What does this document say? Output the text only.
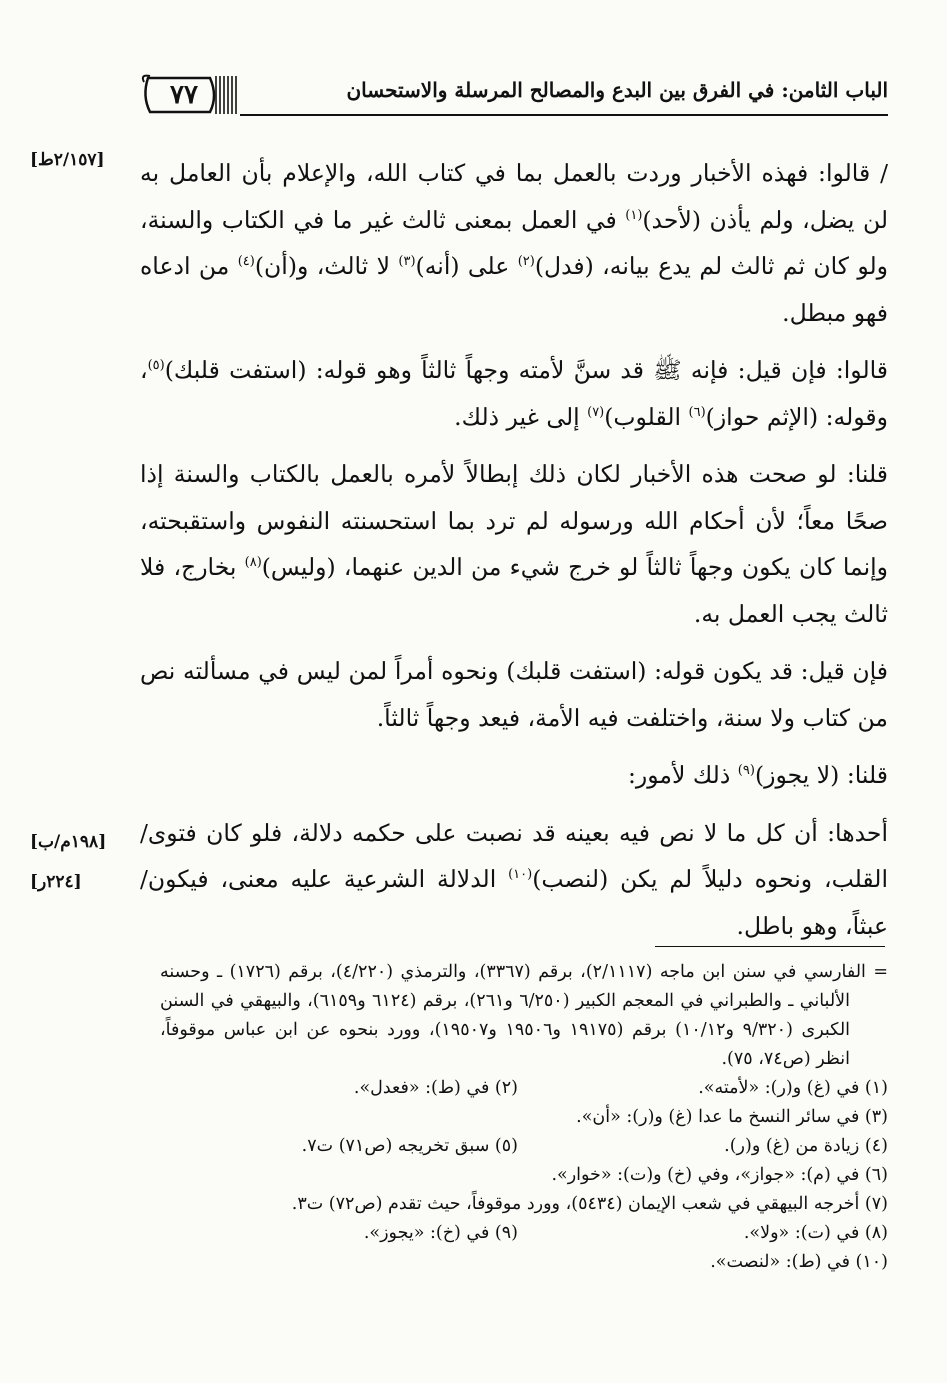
٧٧	الباب الثامن: في الفرق بين البدع والمصالح المرسلة والاستحسان
[٢/١٥٧ط]
[١٩٨م/ب]
[٢٢٤ر]

/ قالوا: فهذه الأخبار وردت بالعمل بما في كتاب الله، والإعلام بأن العامل به لن يضل، ولم يأذن (لأحد)$^{(١)}$ في العمل بمعنى ثالث غير ما في الكتاب والسنة، ولو كان ثم ثالث لم يدع بيانه، (فدل)$^{(٢)}$ على (أنه)$^{(٣)}$ لا ثالث، و(أن)$^{(٤)}$ من ادعاه فهو مبطل.

قالوا: فإن قيل: فإنه ﷺ قد سنَّ لأمته وجهاً ثالثاً وهو قوله: (استفت قلبك)$^{(٥)}$، وقوله: (الإثم حواز)$^{(٦)}$ القلوب)$^{(٧)}$ إلى غير ذلك.

قلنا: لو صحت هذه الأخبار لكان ذلك إبطالاً لأمره بالعمل بالكتاب والسنة إذا صحًا معاً؛ لأن أحكام الله ورسوله لم ترد بما استحسنته النفوس واستقبحته، وإنما كان يكون وجهاً ثالثاً لو خرج شيء من الدين عنهما، (وليس)$^{(٨)}$ بخارج، فلا ثالث يجب العمل به.

فإن قيل: قد يكون قوله: (استفت قلبك) ونحوه أمراً لمن ليس في مسألته نص من كتاب ولا سنة، واختلفت فيه الأمة، فيعد وجهاً ثالثاً.

قلنا: (لا يجوز)$^{(٩)}$ ذلك لأمور:

أحدها: أن كل ما لا نص فيه بعينه قد نصبت على حكمه دلالة، فلو كان فتوى/ القلب، ونحوه دليلاً لم يكن (لنصب)$^{(١٠)}$ الدلالة الشرعية عليه معنى، فيكون/ عبثاً، وهو باطل.

= الفارسي في سنن ابن ماجه (٢/١١١٧)، برقم (٣٣٦٧)، والترمذي (٤/٢٢٠)، برقم (١٧٢٦) ـ وحسنه الألباني ـ والطبراني في المعجم الكبير (٦/٢٥٠ و٢٦١)، برقم (٦١٢٤ و٦١٥٩)، والبيهقي في السنن الكبرى (٩/٣٢٠ و١٠/١٢) برقم (١٩١٧٥ و١٩٥٠٦ و١٩٥٠٧)، وورد بنحوه عن ابن عباس موقوفاً، انظر (ص٧٤، ٧٥).

(١) في (غ) و(ر): «لأمته».(٢) في (ط): «فعدل».

(٣) في سائر النسخ ما عدا (غ) و(ر): «أن».

(٤) زيادة من (غ) و(ر).(٥) سبق تخريجه (ص٧١) ت٧.

(٦) في (م): «جواز»، وفي (خ) و(ت): «خوار».

(٧) أخرجه البيهقي في شعب الإيمان (٥٤٣٤)، وورد موقوفاً، حيث تقدم (ص٧٢) ت٣.

(٨) في (ت): «ولا».(٩) في (خ): «يجوز».

(١٠) في (ط): «لنصت».
